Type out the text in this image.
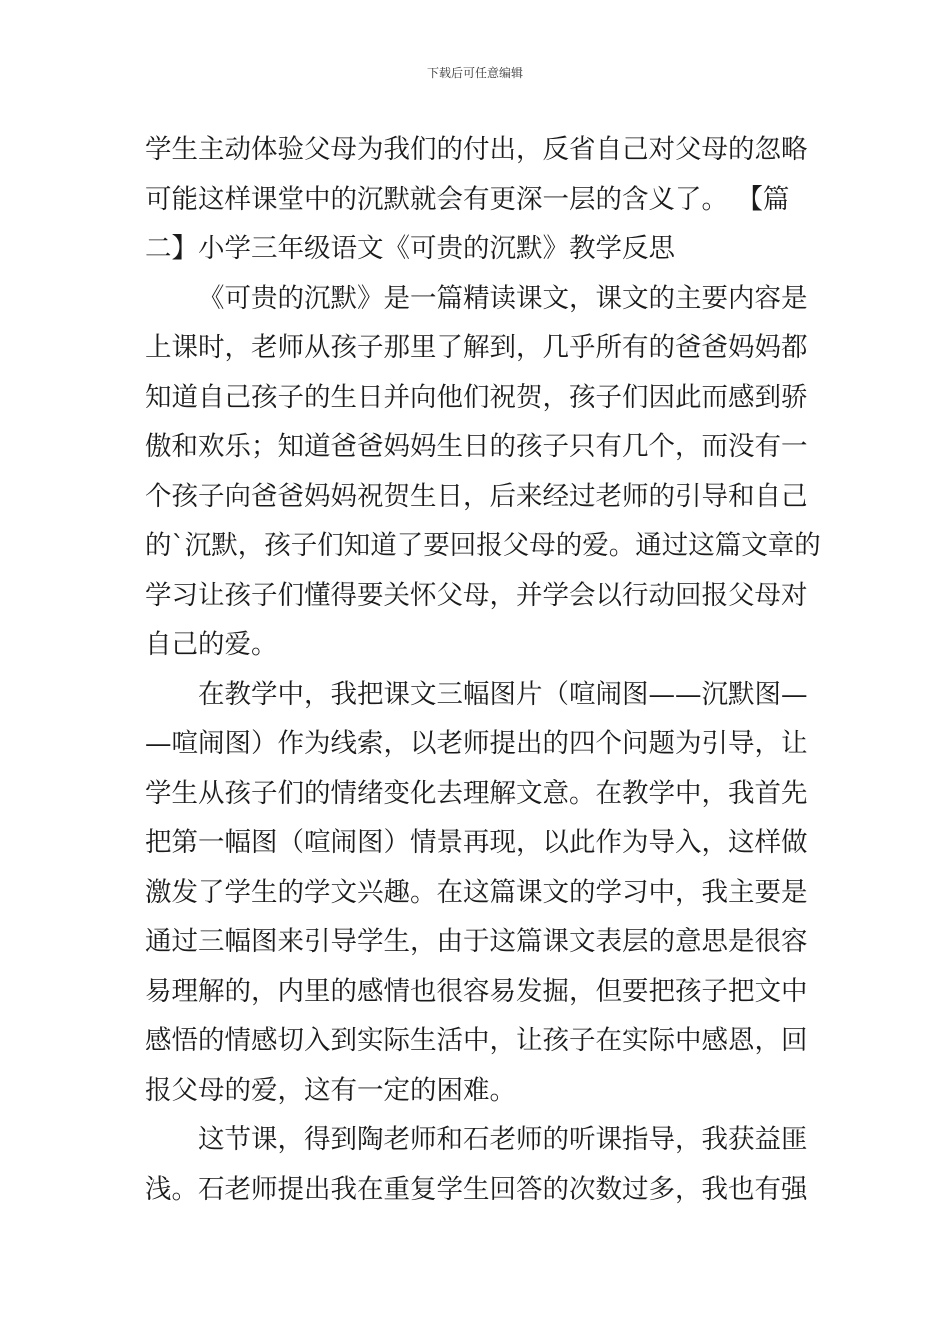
下载后可任意编辑
学生主动体验父母为我们的付出，反省自己对父母的忽略
可能这样课堂中的沉默就会有更深一层的含义了。 【篇
二】小学三年级语文《可贵的沉默》教学反思
《可贵的沉默》是一篇精读课文，课文的主要内容是
上课时，老师从孩子那里了解到，几乎所有的爸爸妈妈都
知道自己孩子的生日并向他们祝贺，孩子们因此而感到骄
傲和欢乐；知道爸爸妈妈生日的孩子只有几个，而没有一
个孩子向爸爸妈妈祝贺生日，后来经过老师的引导和自己
的`沉默，孩子们知道了要回报父母的爱。通过这篇文章的
学习让孩子们懂得要关怀父母，并学会以行动回报父母对
自己的爱。
在教学中，我把课文三幅图片（喧闹图——沉默图—
—喧闹图）作为线索，以老师提出的四个问题为引导，让
学生从孩子们的情绪变化去理解文意。在教学中，我首先
把第一幅图（喧闹图）情景再现，以此作为导入，这样做
激发了学生的学文兴趣。在这篇课文的学习中，我主要是
通过三幅图来引导学生，由于这篇课文表层的意思是很容
易理解的，内里的感情也很容易发掘，但要把孩子把文中
感悟的情感切入到实际生活中，让孩子在实际中感恩，回
报父母的爱，这有一定的困难。
这节课，得到陶老师和石老师的听课指导，我获益匪
浅。石老师提出我在重复学生回答的次数过多，我也有强
